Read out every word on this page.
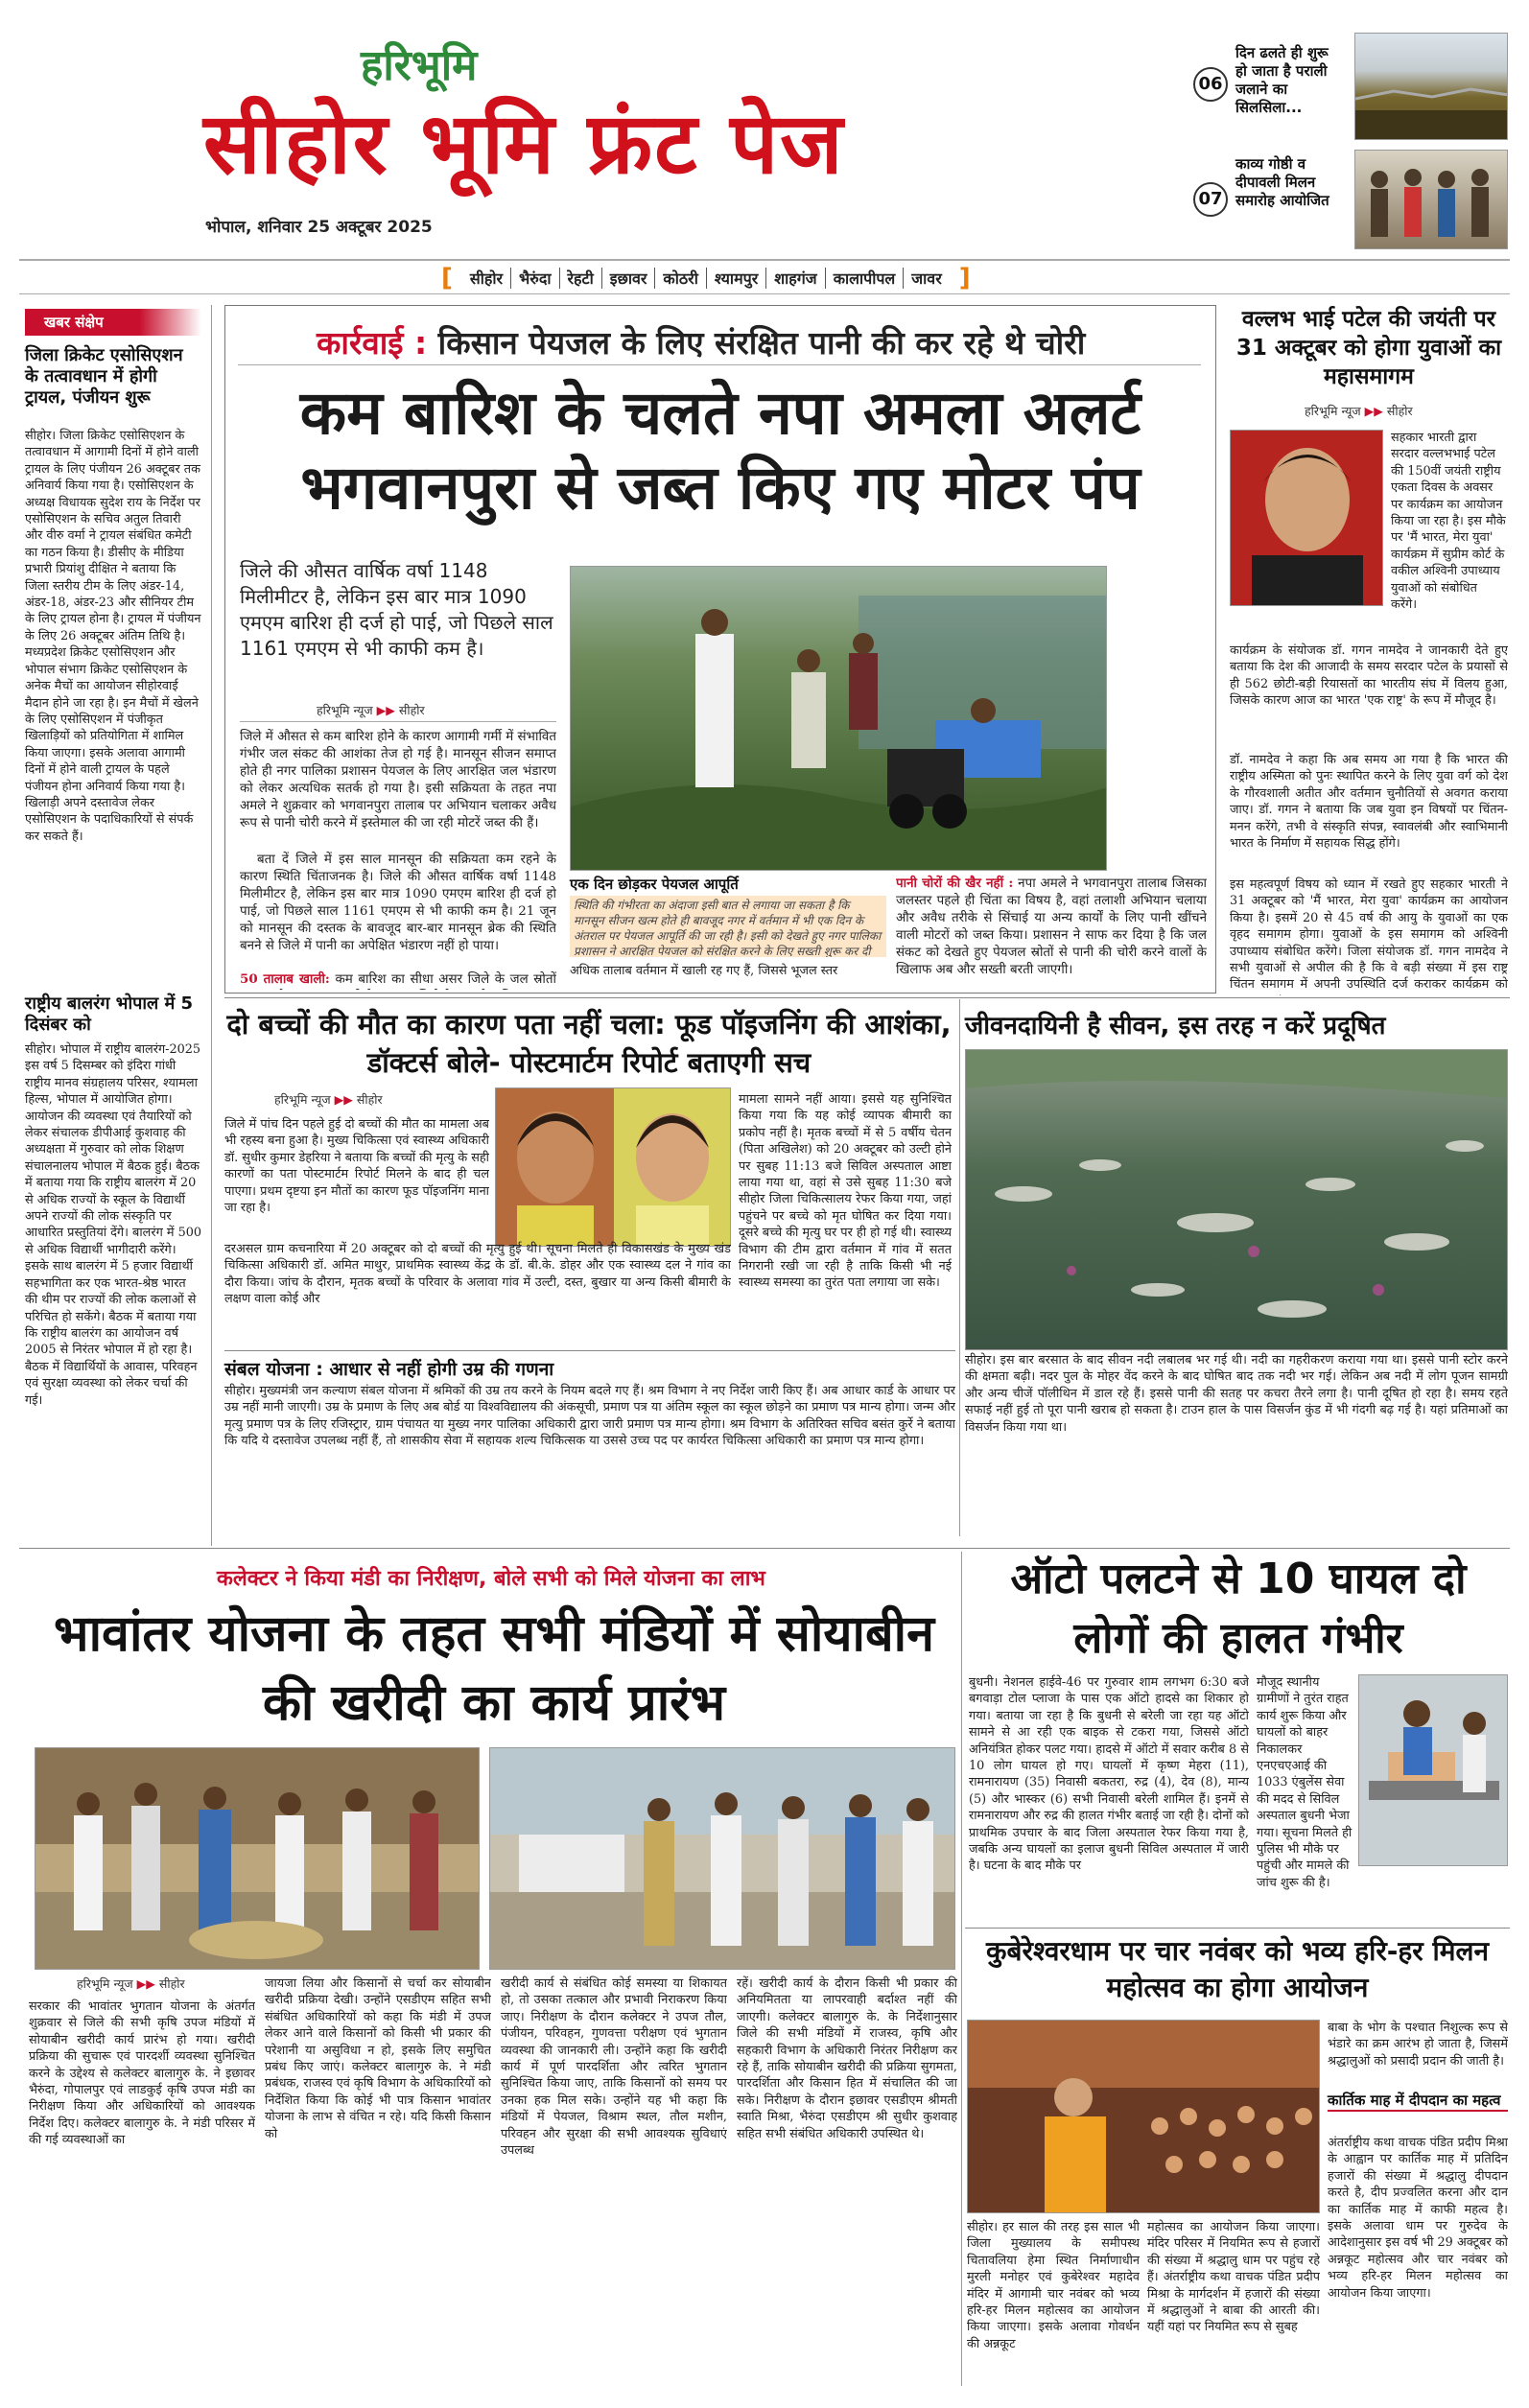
हरिभूमि
सीहोर भूमि फ्रंट पेज
भोपाल, शनिवार 25 अक्टूबर 2025
06
दिन ढलते ही शुरू हो जाता है पराली जलाने का सिलसिला...
07
काव्य गोष्ठी व दीपावली मिलन समारोह आयोजित
[	सीहोर	भैरुंदा	रेहटी	इछावर	कोठरी	श्यामपुर	शाहगंज	कालापीपल	जावर ]
खबर संक्षेप
जिला क्रिकेट एसोसिएशन के तत्वावधान में होगी ट्रायल, पंजीयन शुरू
सीहोर। जिला क्रिकेट एसोसिएशन के तत्वावधान में आगामी दिनों में होने वाली ट्रायल के लिए पंजीयन 26 अक्टूबर तक अनिवार्य किया गया है। एसोसिएशन के अध्यक्ष विधायक सुदेश राय के निर्देश पर एसोसिएशन के सचिव अतुल तिवारी और वीरु वर्मा ने ट्रायल संबंधित कमेटी का गठन किया है। डीसीए के मीडिया प्रभारी प्रियांशु दीक्षित ने बताया कि जिला स्तरीय टीम के लिए अंडर-14, अंडर-18, अंडर-23 और सीनियर टीम के लिए ट्रायल होना है। ट्रायल में पंजीयन के लिए 26 अक्टूबर अंतिम तिथि है। मध्यप्रदेश क्रिकेट एसोसिएशन और भोपाल संभाग क्रिकेट एसोसिएशन के अनेक मैचों का आयोजन सीहोरवाई मैदान होने जा रहा है। इन मैचों में खेलने के लिए एसोसिएशन में पंजीकृत खिलाड़ियों को प्रतियोगिता में शामिल किया जाएगा। इसके अलावा आगामी दिनों में होने वाली ट्रायल के पहले पंजीयन होना अनिवार्य किया गया है। खिलाड़ी अपने दस्तावेज लेकर एसोसिएशन के पदाधिकारियों से संपर्क कर सकते हैं।
राष्ट्रीय बालरंग भोपाल में 5 दिसंबर को
सीहोर। भोपाल में राष्ट्रीय बालरंग-2025 इस वर्ष 5 दिसम्बर को इंदिरा गांधी राष्ट्रीय मानव संग्रहालय परिसर, श्यामला हिल्स, भोपाल में आयोजित होगा। आयोजन की व्यवस्था एवं तैयारियों को लेकर संचालक डीपीआई कुशवाह की अध्यक्षता में गुरुवार को लोक शिक्षण संचालनालय भोपाल में बैठक हुई। बैठक में बताया गया कि राष्ट्रीय बालरंग में 20 से अधिक राज्यों के स्कूल के विद्यार्थी अपने राज्यों की लोक संस्कृति पर आधारित प्रस्तुतियां देंगे। बालरंग में 500 से अधिक विद्यार्थी भागीदारी करेंगे। इसके साथ बालरंग में 5 हजार विद्यार्थी सहभागिता कर एक भारत-श्रेष्ठ भारत की थीम पर राज्यों की लोक कलाओं से परिचित हो सकेंगे। बैठक में बताया गया कि राष्ट्रीय बालरंग का आयोजन वर्ष 2005 से निरंतर भोपाल में हो रहा है। बैठक में विद्यार्थियों के आवास, परिवहन एवं सुरक्षा व्यवस्था को लेकर चर्चा की गई।
कार्रवाई : किसान पेयजल के लिए संरक्षित पानी की कर रहे थे चोरी
कम बारिश के चलते नपा अमला अलर्ट भगवानपुरा से जब्त किए गए मोटर पंप
जिले की औसत वार्षिक वर्षा 1148 मिलीमीटर है, लेकिन इस बार मात्र 1090 एमएम बारिश ही दर्ज हो पाई, जो पिछले साल 1161 एमएम से भी काफी कम है।
हरिभूमि न्यूज ▶▶ सीहोर
जिले में औसत से कम बारिश होने के कारण आगामी गर्मी में संभावित गंभीर जल संकट की आशंका तेज हो गई है। मानसून सीजन समाप्त होते ही नगर पालिका प्रशासन पेयजल के लिए आरक्षित जल भंडारण को लेकर अत्यधिक सतर्क हो गया है। इसी सक्रियता के तहत नपा अमले ने शुक्रवार को भगवानपुरा तालाब पर अभियान चलाकर अवैध रूप से पानी चोरी करने में इस्तेमाल की जा रही मोटरें जब्त की हैं।
बता दें जिले में इस साल मानसून की सक्रियता कम रहने के कारण स्थिति चिंताजनक है। जिले की औसत वार्षिक वर्षा 1148 मिलीमीटर है, लेकिन इस बार मात्र 1090 एमएम बारिश ही दर्ज हो पाई, जो पिछले साल 1161 एमएम से भी काफी कम है। 21 जून को मानसून की दस्तक के बावजूद बार-बार मानसून ब्रेक की स्थिति बनने से जिले में पानी का अपेक्षित भंडारण नहीं हो पाया।
50 तालाब खाली: कम बारिश का सीधा असर जिले के जल स्रोतों
एक दिन छोड़कर पेयजल आपूर्ति
स्थिति की गंभीरता का अंदाजा इसी बात से लगाया जा सकता है कि मानसून सीजन खत्म होते ही बावजूद नगर में वर्तमान में भी एक दिन के अंतराल पर पेयजल आपूर्ति की जा रही है। इसी को देखते हुए नगर पालिका प्रशासन ने आरक्षित पेयजल को संरक्षित करने के लिए सख्ती शुरू कर दी
अधिक तालाब वर्तमान में खाली रह गए हैं, जिससे भूजल स्तर
पानी चोरों की खैर नहीं : नपा अमले ने भगवानपुरा तालाब जिसका जलस्तर पहले ही चिंता का विषय है, वहां तलाशी अभियान चलाया और अवैध तरीके से सिंचाई या अन्य कार्यों के लिए पानी खींचने वाली मोटरों को जब्त किया। प्रशासन ने साफ कर दिया है कि जल संकट को देखते हुए पेयजल स्रोतों से पानी की चोरी करने वालों के खिलाफ अब और सख्ती बरती जाएगी।
वल्लभ भाई पटेल की जयंती पर 31 अक्टूबर को होगा युवाओं का महासमागम
हरिभूमि न्यूज ▶▶ सीहोर
सहकार भारती द्वारा सरदार वल्लभभाई पटेल की 150वीं जयंती राष्ट्रीय एकता दिवस के अवसर पर कार्यक्रम का आयोजन किया जा रहा है। इस मौके पर 'मैं भारत, मेरा युवा' कार्यक्रम में सुप्रीम कोर्ट के वकील अश्विनी उपाध्याय युवाओं को संबोधित करेंगे।
कार्यक्रम के संयोजक डॉ. गगन नामदेव ने जानकारी देते हुए बताया कि देश की आजादी के समय सरदार पटेल के प्रयासों से ही 562 छोटी-बड़ी रियासतों का भारतीय संघ में विलय हुआ, जिसके कारण आज का भारत 'एक राष्ट्र' के रूप में मौजूद है।
डॉ. नामदेव ने कहा कि अब समय आ गया है कि भारत की राष्ट्रीय अस्मिता को पुनः स्थापित करने के लिए युवा वर्ग को देश के गौरवशाली अतीत और वर्तमान चुनौतियों से अवगत कराया जाए। डॉ. गगन ने बताया कि जब युवा इन विषयों पर चिंतन-मनन करेंगे, तभी वे संस्कृति संपन्न, स्वावलंबी और स्वाभिमानी भारत के निर्माण में सहायक सिद्ध होंगे।
इस महत्वपूर्ण विषय को ध्यान में रखते हुए सहकार भारती ने 31 अक्टूबर को 'मैं भारत, मेरा युवा' कार्यक्रम का आयोजन किया है। इसमें 20 से 45 वर्ष की आयु के युवाओं का एक वृहद समागम होगा। युवाओं के इस समागम को अश्विनी उपाध्याय संबोधित करेंगे। जिला संयोजक डॉ. गगन नामदेव ने सभी युवाओं से अपील की है कि वे बड़ी संख्या में इस राष्ट्र चिंतन समागम में अपनी उपस्थिति दर्ज कराकर कार्यक्रम को
दो बच्चों की मौत का कारण पता नहीं चला: फूड पॉइजनिंग की आशंका, डॉक्टर्स बोले- पोस्टमार्टम रिपोर्ट बताएगी सच
हरिभूमि न्यूज ▶▶ सीहोर
जिले में पांच दिन पहले हुई दो बच्चों की मौत का मामला अब भी रहस्य बना हुआ है। मुख्य चिकित्सा एवं स्वास्थ्य अधिकारी डॉ. सुधीर कुमार डेहरिया ने बताया कि बच्चों की मृत्यु के सही कारणों का पता पोस्टमार्टम रिपोर्ट मिलने के बाद ही चल पाएगा। प्रथम दृष्टया इन मौतों का कारण फूड पॉइजनिंग माना जा रहा है।
दरअसल ग्राम कचनारिया में 20 अक्टूबर को दो बच्चों की मृत्यु हुई थी। सूचना मिलते ही विकासखंड के मुख्य खंड चिकित्सा अधिकारी डॉ. अमित माथुर, प्राथमिक स्वास्थ्य केंद्र के डॉ. बी.के. डोहर और एक स्वास्थ्य दल ने गांव का दौरा किया। जांच के दौरान, मृतक बच्चों के परिवार के अलावा गांव में उल्टी, दस्त, बुखार या अन्य किसी बीमारी के लक्षण वाला कोई और
मामला सामने नहीं आया। इससे यह सुनिश्चित किया गया कि यह कोई व्यापक बीमारी का प्रकोप नहीं है। मृतक बच्चों में से 5 वर्षीय चेतन (पिता अखिलेश) को 20 अक्टूबर को उल्टी होने पर सुबह 11:13 बजे सिविल अस्पताल आष्टा लाया गया था, वहां से उसे सुबह 11:30 बजे सीहोर जिला चिकित्सालय रेफर किया गया, जहां पहुंचने पर बच्चे को मृत घोषित कर दिया गया। दूसरे बच्चे की मृत्यु घर पर ही हो गई थी। स्वास्थ्य विभाग की टीम द्वारा वर्तमान में गांव में सतत निगरानी रखी जा रही है ताकि किसी भी नई स्वास्थ्य समस्या का तुरंत पता लगाया जा सके।
जीवनदायिनी है सीवन, इस तरह न करें प्रदूषित
सीहोर। इस बार बरसात के बाद सीवन नदी लबालब भर गई थी। नदी का गहरीकरण कराया गया था। इससे पानी स्टोर करने की क्षमता बढ़ी। नदर पुल के मोहर वेंद करने के बाद घोषित बाद तक नदी भर गई। लेकिन अब नदी में लोग पूजन सामग्री और अन्य चीजें पॉलीथिन में डाल रहे हैं। इससे पानी की सतह पर कचरा तैरने लगा है। पानी दूषित हो रहा है। समय रहते सफाई नहीं हुई तो पूरा पानी खराब हो सकता है। टाउन हाल के पास विसर्जन कुंड में भी गंदगी बढ़ गई है। यहां प्रतिमाओं का विसर्जन किया गया था।
संबल योजना : आधार से नहीं होगी उम्र की गणना
सीहोर। मुख्यमंत्री जन कल्याण संबल योजना में श्रमिकों की उम्र तय करने के नियम बदले गए हैं। श्रम विभाग ने नए निर्देश जारी किए हैं। अब आधार कार्ड के आधार पर उम्र नहीं मानी जाएगी। उम्र के प्रमाण के लिए अब बोर्ड या विश्वविद्यालय की अंकसूची, प्रमाण पत्र या अंतिम स्कूल का स्कूल छोड़ने का प्रमाण पत्र मान्य होगा। जन्म और मृत्यु प्रमाण पत्र के लिए रजिस्ट्रार, ग्राम पंचायत या मुख्य नगर पालिका अधिकारी द्वारा जारी प्रमाण पत्र मान्य होगा। श्रम विभाग के अतिरिक्त सचिव बसंत कुर्रे ने बताया कि यदि ये दस्तावेज उपलब्ध नहीं हैं, तो शासकीय सेवा में सहायक शल्य चिकित्सक या उससे उच्च पद पर कार्यरत चिकित्सा अधिकारी का प्रमाण पत्र मान्य होगा।
कलेक्टर ने किया मंडी का निरीक्षण, बोले सभी को मिले योजना का लाभ
भावांतर योजना के तहत सभी मंडियों में सोयाबीन की खरीदी का कार्य प्रारंभ
हरिभूमि न्यूज ▶▶ सीहोर
सरकार की भावांतर भुगतान योजना के अंतर्गत शुक्रवार से जिले की सभी कृषि उपज मंडियों में सोयाबीन खरीदी कार्य प्रारंभ हो गया। खरीदी प्रक्रिया की सुचारू एवं पारदर्शी व्यवस्था सुनिश्चित करने के उद्देश्य से कलेक्टर बालागुरु के. ने इछावर भैरुंदा, गोपालपुर एवं लाडकुई कृषि उपज मंडी का निरीक्षण किया और अधिकारियों को आवश्यक निर्देश दिए। कलेक्टर बालागुरु के. ने मंडी परिसर में की गई व्यवस्थाओं का
जायजा लिया और किसानों से चर्चा कर सोयाबीन खरीदी प्रक्रिया देखी। उन्होंने एसडीएम सहित सभी संबंधित अधिकारियों को कहा कि मंडी में उपज लेकर आने वाले किसानों को किसी भी प्रकार की परेशानी या असुविधा न हो, इसके लिए समुचित प्रबंध किए जाएं। कलेक्टर बालागुरु के. ने मंडी प्रबंधक, राजस्व एवं कृषि विभाग के अधिकारियों को निर्देशित किया कि कोई भी पात्र किसान भावांतर योजना के लाभ से वंचित न रहे। यदि किसी किसान को
खरीदी कार्य से संबंधित कोई समस्या या शिकायत हो, तो उसका तत्काल और प्रभावी निराकरण किया जाए। निरीक्षण के दौरान कलेक्टर ने उपज तौल, पंजीयन, परिवहन, गुणवत्ता परीक्षण एवं भुगतान व्यवस्था की जानकारी ली। उन्होंने कहा कि खरीदी कार्य में पूर्ण पारदर्शिता और त्वरित भुगतान सुनिश्चित किया जाए, ताकि किसानों को समय पर उनका हक मिल सके। उन्होंने यह भी कहा कि मंडियों में पेयजल, विश्राम स्थल, तौल मशीन, परिवहन और सुरक्षा की सभी आवश्यक सुविधाएं उपलब्ध
रहें। खरीदी कार्य के दौरान किसी भी प्रकार की अनियमितता या लापरवाही बर्दाश्त नहीं की जाएगी। कलेक्टर बालागुरु के. के निर्देशानुसार जिले की सभी मंडियों में राजस्व, कृषि और सहकारी विभाग के अधिकारी निरंतर निरीक्षण कर रहे हैं, ताकि सोयाबीन खरीदी की प्रक्रिया सुगमता, पारदर्शिता और किसान हित में संचालित की जा सके। निरीक्षण के दौरान इछावर एसडीएम श्रीमती स्वाति मिश्रा, भैरुंदा एसडीएम श्री सुधीर कुशवाह सहित सभी संबंधित अधिकारी उपस्थित थे।
ऑटो पलटने से 10 घायल दो लोगों की हालत गंभीर
बुधनी। नेशनल हाईवे-46 पर गुरुवार शाम लगभग 6:30 बजे बगवाड़ा टोल प्लाजा के पास एक ऑटो हादसे का शिकार हो गया। बताया जा रहा है कि बुधनी से बरेली जा रहा यह ऑटो सामने से आ रही एक बाइक से टकरा गया, जिससे ऑटो अनियंत्रित होकर पलट गया। हादसे में ऑटो में सवार करीब 8 से 10 लोग घायल हो गए। घायलों में कृष्ण मेहरा (11), रामनारायण (35) निवासी बकतरा, रुद्र (4), देव (8), मान्य (5) और भास्कर (6) सभी निवासी बरेली शामिल हैं। इनमें से रामनारायण और रुद्र की हालत गंभीर बताई जा रही है। दोनों को प्राथमिक उपचार के बाद जिला अस्पताल रेफर किया गया है, जबकि अन्य घायलों का इलाज बुधनी सिविल अस्पताल में जारी है। घटना के बाद मौके पर
मौजूद स्थानीय ग्रामीणों ने तुरंत राहत कार्य शुरू किया और घायलों को बाहर निकालकर एनएचएआई की 1033 एंबुलेंस सेवा की मदद से सिविल अस्पताल बुधनी भेजा गया। सूचना मिलते ही पुलिस भी मौके पर पहुंची और मामले की जांच शुरू की है।
कुबेरेश्वरधाम पर चार नवंबर को भव्य हरि-हर मिलन महोत्सव का होगा आयोजन
बाबा के भोग के पश्चात निशुल्क रूप से भंडारे का क्रम आरंभ हो जाता है, जिसमें श्रद्धालुओं को प्रसादी प्रदान की जाती है।
कार्तिक माह में दीपदान का महत्व
अंतर्राष्ट्रीय कथा वाचक पंडित प्रदीप मिश्रा के आह्वान पर कार्तिक माह में प्रतिदिन हजारों की संख्या में श्रद्धालु दीपदान करते है, दीप प्रज्वलित करना और दान का कार्तिक माह में काफी महत्व है। इसके अलावा धाम पर गुरुदेव के आदेशानुसार इस वर्ष भी 29 अक्टूबर को अन्नकूट महोत्सव और चार नवंबर को भव्य हरि-हर मिलन महोत्सव का आयोजन किया जाएगा।
सीहोर। हर साल की तरह इस साल भी जिला मुख्यालय के समीपस्थ चितावलिया हेमा स्थित निर्माणाधीन मुरली मनोहर एवं कुबेरेश्वर महादेव मंदिर में आगामी चार नवंबर को भव्य हरि-हर मिलन महोत्सव का आयोजन किया जाएगा। इसके अलावा गोवर्धन की अन्नकूट
महोत्सव का आयोजन किया जाएगा। मंदिर परिसर में नियमित रूप से हजारों की संख्या में श्रद्धालु धाम पर पहुंच रहे हैं। अंतर्राष्ट्रीय कथा वाचक पंडित प्रदीप मिश्रा के मार्गदर्शन में हजारों की संख्या में श्रद्धालुओं ने बाबा की आरती की। यहीं यहां पर नियमित रूप से सुबह
